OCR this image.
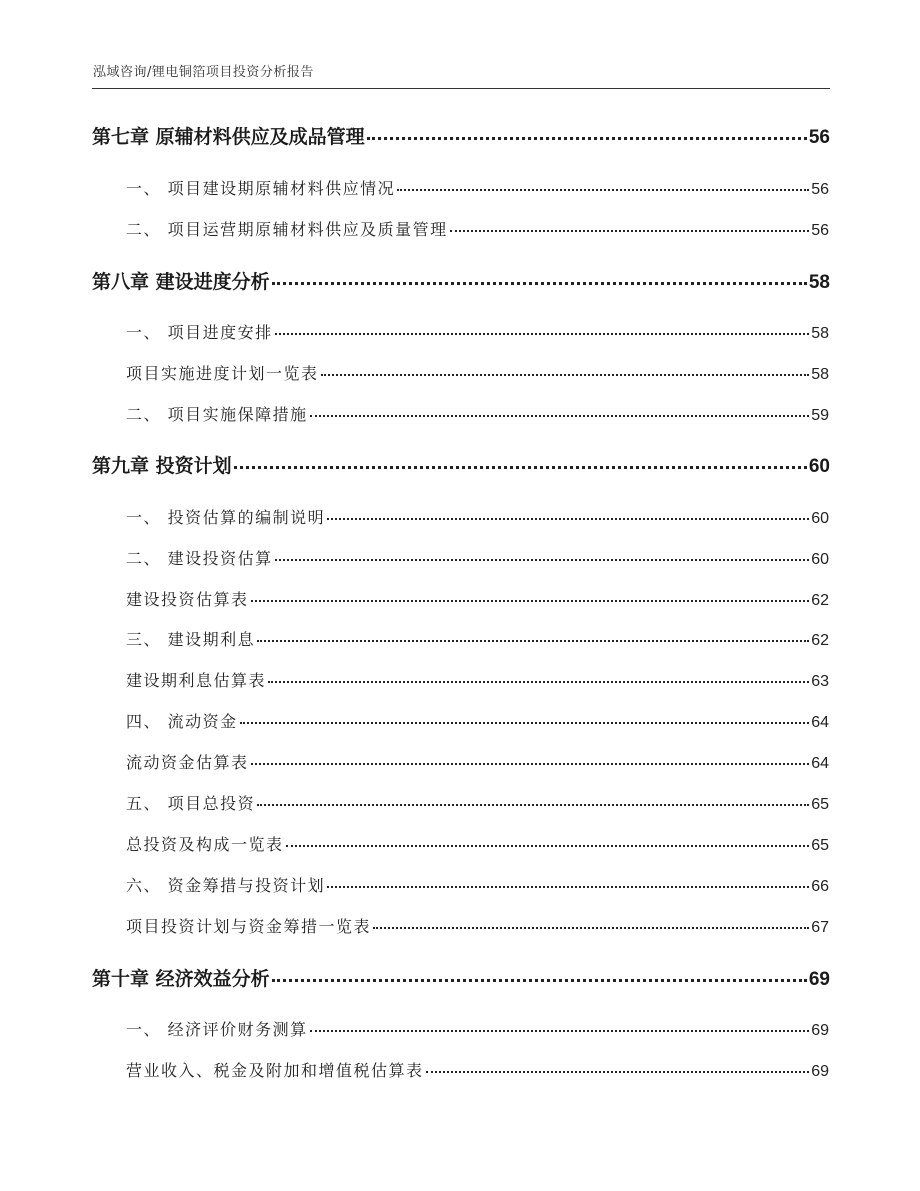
泓域咨询/锂电铜箔项目投资分析报告
第七章 原辅材料供应及成品管理	56
一、 项目建设期原辅材料供应情况	56
二、 项目运营期原辅材料供应及质量管理	56
第八章 建设进度分析	58
一、 项目进度安排	58
项目实施进度计划一览表	58
二、 项目实施保障措施	59
第九章 投资计划	60
一、 投资估算的编制说明	60
二、 建设投资估算	60
建设投资估算表	62
三、 建设期利息	62
建设期利息估算表	63
四、 流动资金	64
流动资金估算表	64
五、 项目总投资	65
总投资及构成一览表	65
六、 资金筹措与投资计划	66
项目投资计划与资金筹措一览表	67
第十章 经济效益分析	69
一、 经济评价财务测算	69
营业收入、税金及附加和增值税估算表	69
